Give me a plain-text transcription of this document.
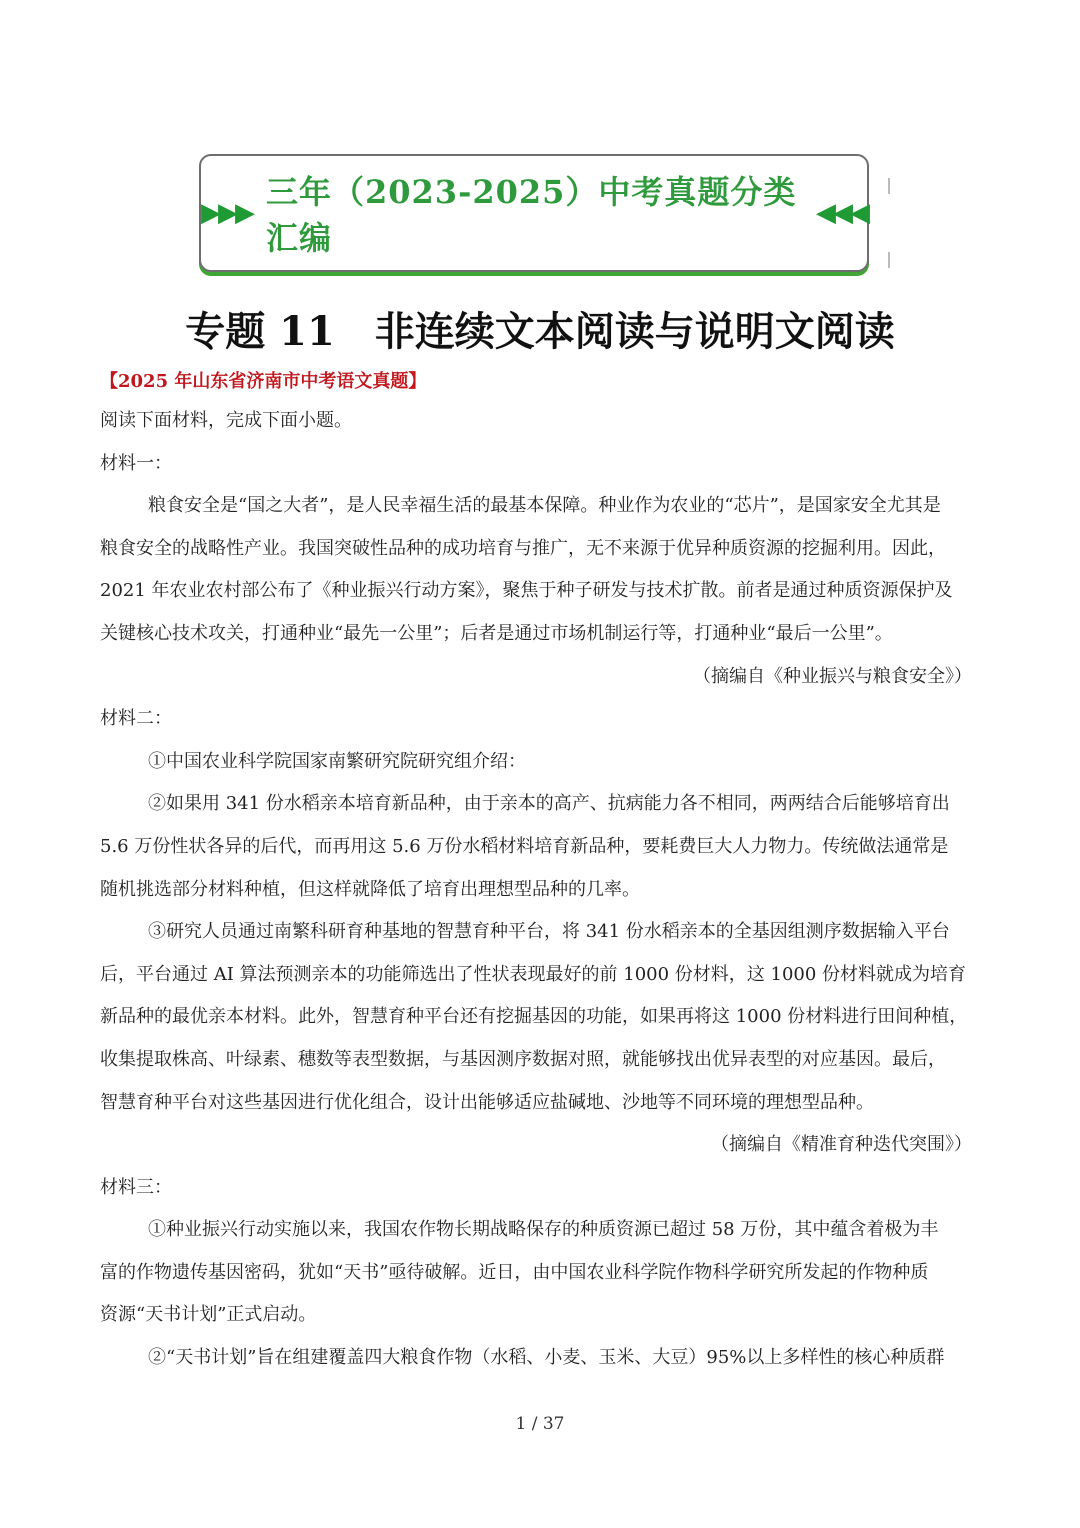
▶▶▶
三年（2023-2025）中考真题分类汇编
◀◀◀
专题 11　非连续文本阅读与说明文阅读
【2025 年山东省济南市中考语文真题】

阅读下面材料，完成下面小题。

材料一：

粮食安全是“国之大者”，是人民幸福生活的最基本保障。种业作为农业的“芯片”，是国家安全尤其是

粮食安全的战略性产业。我国突破性品种的成功培育与推广，无不来源于优异种质资源的挖掘利用。因此，

2021 年农业农村部公布了《种业振兴行动方案》，聚焦于种子研发与技术扩散。前者是通过种质资源保护及

关键核心技术攻关，打通种业“最先一公里”；后者是通过市场机制运行等，打通种业“最后一公里”。

（摘编自《种业振兴与粮食安全》）

材料二：

①中国农业科学院国家南繁研究院研究组介绍：

②如果用 341 份水稻亲本培育新品种，由于亲本的高产、抗病能力各不相同，两两结合后能够培育出

5.6 万份性状各异的后代，而再用这 5.6 万份水稻材料培育新品种，要耗费巨大人力物力。传统做法通常是

随机挑选部分材料种植，但这样就降低了培育出理想型品种的几率。

③研究人员通过南繁科研育种基地的智慧育种平台，将 341 份水稻亲本的全基因组测序数据输入平台

后，平台通过 AI 算法预测亲本的功能筛选出了性状表现最好的前 1000 份材料，这 1000 份材料就成为培育

新品种的最优亲本材料。此外，智慧育种平台还有挖掘基因的功能，如果再将这 1000 份材料进行田间种植，

收集提取株高、叶绿素、穗数等表型数据，与基因测序数据对照，就能够找出优异表型的对应基因。最后，

智慧育种平台对这些基因进行优化组合，设计出能够适应盐碱地、沙地等不同环境的理想型品种。

（摘编自《精准育种迭代突围》）

材料三：

①种业振兴行动实施以来，我国农作物长期战略保存的种质资源已超过 58 万份，其中蕴含着极为丰

富的作物遗传基因密码，犹如“天书”亟待破解。近日，由中国农业科学院作物科学研究所发起的作物种质

资源“天书计划”正式启动。

②“天书计划”旨在组建覆盖四大粮食作物（水稻、小麦、玉米、大豆）95%以上多样性的核心种质群

1 / 37
